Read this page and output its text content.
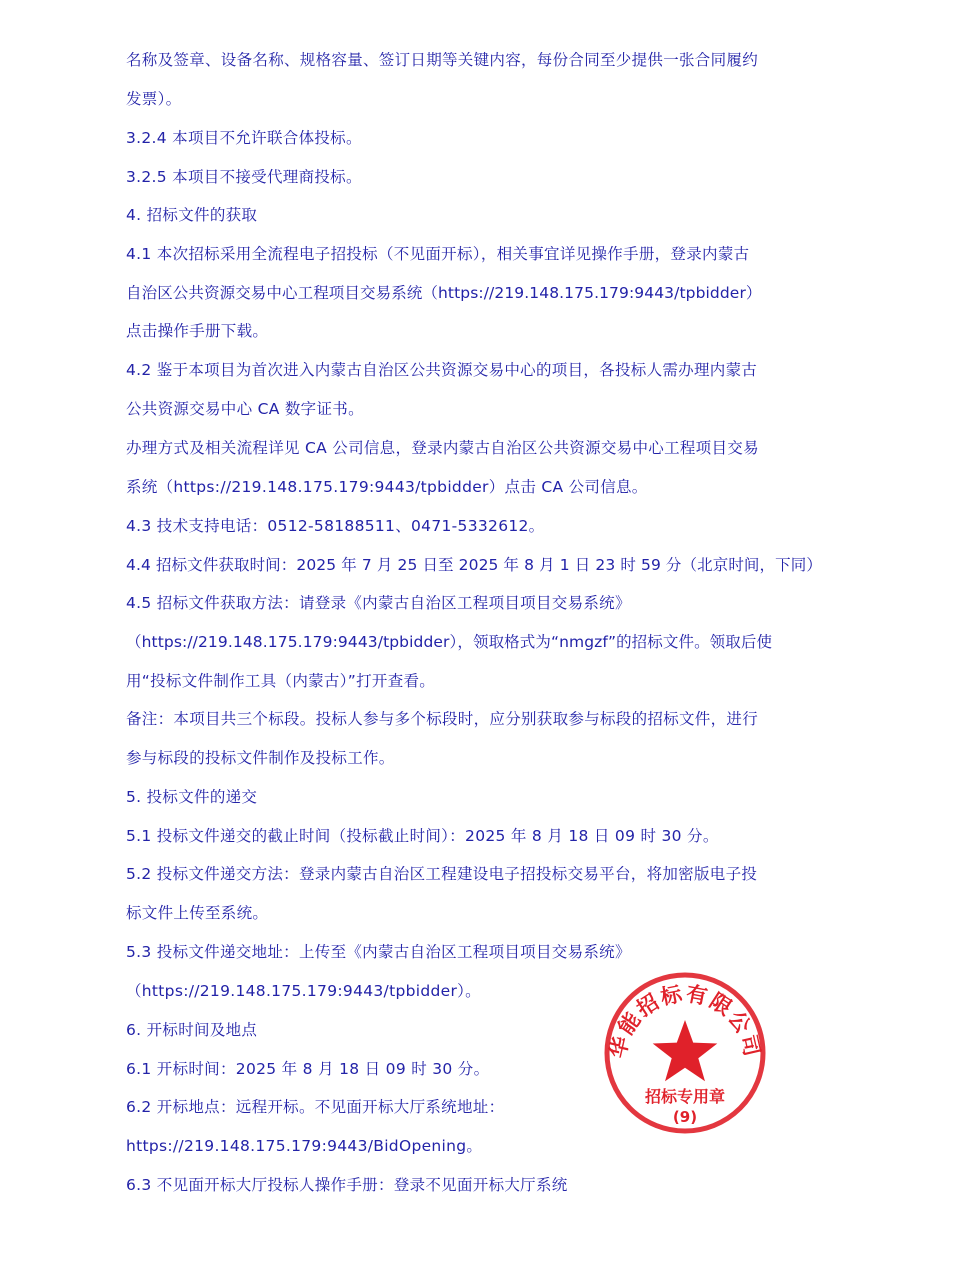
名称及签章、设备名称、规格容量、签订日期等关键内容，每份合同至少提供一张合同履约
发票）。
3.2.4 本项目不允许联合体投标。
3.2.5 本项目不接受代理商投标。
4. 招标文件的获取
4.1 本次招标采用全流程电子招投标（不见面开标），相关事宜详见操作手册，登录内蒙古
自治区公共资源交易中心工程项目交易系统（https://219.148.175.179:9443/tpbidder）
点击操作手册下载。
4.2 鉴于本项目为首次进入内蒙古自治区公共资源交易中心的项目，各投标人需办理内蒙古
公共资源交易中心 CA 数字证书。
办理方式及相关流程详见 CA 公司信息，登录内蒙古自治区公共资源交易中心工程项目交易
系统（https://219.148.175.179:9443/tpbidder）点击 CA 公司信息。
4.3 技术支持电话：0512-58188511、0471-5332612。
4.4 招标文件获取时间：2025 年 7 月 25 日至 2025 年 8 月 1 日 23 时 59 分（北京时间，下同）
4.5 招标文件获取方法：请登录《内蒙古自治区工程项目项目交易系统》
（https://219.148.175.179:9443/tpbidder），领取格式为“nmgzf”的招标文件。领取后使
用“投标文件制作工具（内蒙古）”打开查看。
备注：本项目共三个标段。投标人参与多个标段时，应分别获取参与标段的招标文件，进行
参与标段的投标文件制作及投标工作。
5. 投标文件的递交
5.1 投标文件递交的截止时间（投标截止时间）：2025 年 8 月 18 日 09 时 30 分。
5.2 投标文件递交方法：登录内蒙古自治区工程建设电子招投标交易平台，将加密版电子投
标文件上传至系统。
5.3 投标文件递交地址：上传至《内蒙古自治区工程项目项目交易系统》
（https://219.148.175.179:9443/tpbidder）。
6. 开标时间及地点
6.1 开标时间：2025 年 8 月 18 日 09 时 30 分。
6.2 开标地点：远程开标。不见面开标大厅系统地址：
https://219.148.175.179:9443/BidOpening。
6.3 不见面开标大厅投标人操作手册：登录不见面开标大厅系统
华能招标有限公司
招标专用章
(9)
